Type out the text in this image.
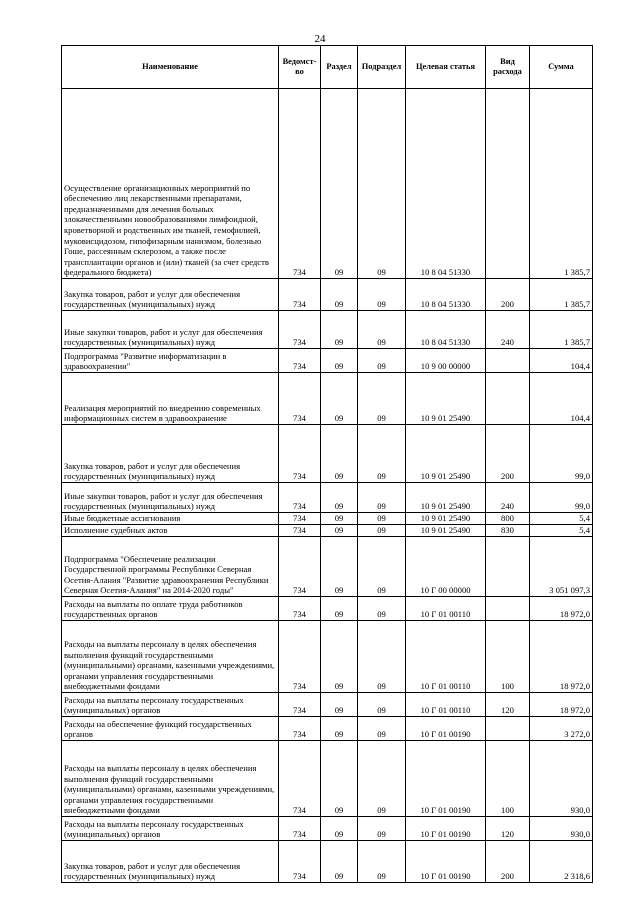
24
Наименование	Ведомст-во	Раздел	Подраздел	Целевая статья	Вид расхода	Сумма
Осуществление организационных мероприятий по обеспечению лиц лекарственными препаратами, предназначенными для лечения больных злокачественными новообразованиями лимфоидной, кроветворной и родственных им тканей, гемофилией, муковисцидозом, гипофизарным нанизмом, болезнью Гоше, рассеянным склерозом, а также после трансплантации органов и (или) тканей (за счет средств федерального бюджета)	734	09	09	10 8 04 51330		1 385,7
Закупка товаров, работ и услуг для обеспечения государственных (муниципальных) нужд	734	09	09	10 8 04 51330	200	1 385,7
Иные закупки товаров, работ и услуг для обеспечения государственных (муниципальных) нужд	734	09	09	10 8 04 51330	240	1 385,7
Подпрограмма "Развитие информатизации в здравоохранении"	734	09	09	10 9 00 00000		104,4
Реализация мероприятий по внедрению современных информационных систем в здравоохранение	734	09	09	10 9 01 25490		104,4
Закупка товаров, работ и услуг для обеспечения государственных (муниципальных) нужд	734	09	09	10 9 01 25490	200	99,0
Иные закупки товаров, работ и услуг для обеспечения государственных (муниципальных) нужд	734	09	09	10 9 01 25490	240	99,0
Иные бюджетные ассигнования	734	09	09	10 9 01 25490	800	5,4
Исполнение судебных актов	734	09	09	10 9 01 25490	830	5,4
Подпрограмма "Обеспечение реализации Государственной программы Республики Северная Осетия-Алания "Развитие здравоохранения Республики Северная Осетия-Алания" на 2014-2020 годы"	734	09	09	10 Г 00 00000		3 051 097,3
Расходы на выплаты по оплате труда работников государственных органов	734	09	09	10 Г 01 00110		18 972,0
Расходы на выплаты персоналу в целях обеспечения выполнения функций государственными (муниципальными) органами, казенными учреждениями, органами управления государственными внебюджетными фондами	734	09	09	10 Г 01 00110	100	18 972,0
Расходы на выплаты персоналу государственных (муниципальных) органов	734	09	09	10 Г 01 00110	120	18 972,0
Расходы на обеспечение функций государственных органов	734	09	09	10 Г 01 00190		3 272,0
Расходы на выплаты персоналу в целях обеспечения выполнения функций государственными (муниципальными) органами, казенными учреждениями, органами управления государственными внебюджетными фондами	734	09	09	10 Г 01 00190	100	930,0
Расходы на выплаты персоналу государственных (муниципальных) органов	734	09	09	10 Г 01 00190	120	930,0
Закупка товаров, работ и услуг для обеспечения государственных (муниципальных) нужд	734	09	09	10 Г 01 00190	200	2 318,6
